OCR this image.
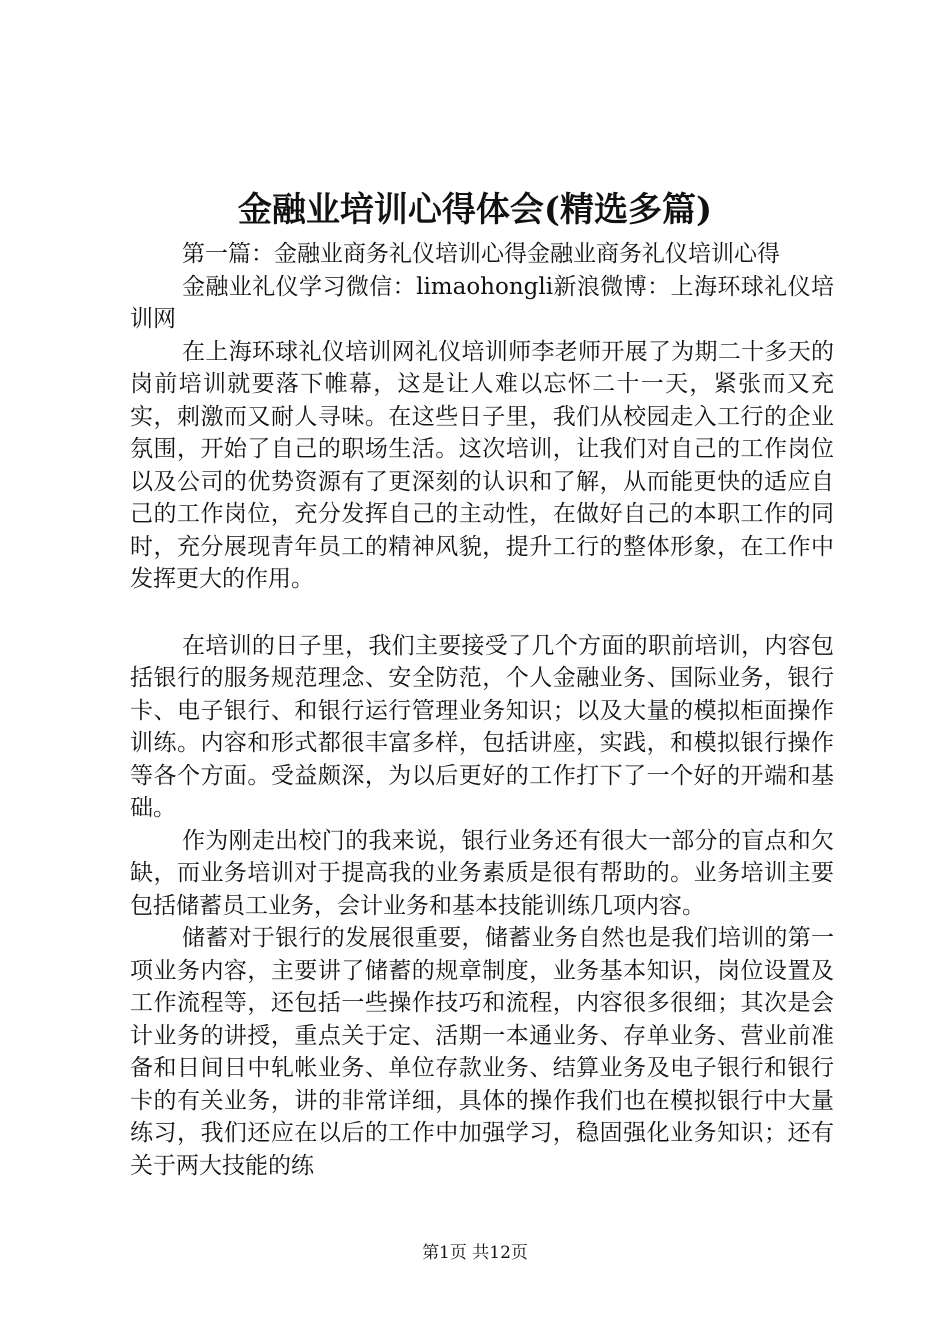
金融业培训心得体会(精选多篇)

第一篇：金融业商务礼仪培训心得金融业商务礼仪培训心得

金融业礼仪学习微信：limaohongli新浪微博：上海环球礼仪培训网

在上海环球礼仪培训网礼仪培训师李老师开展了为期二十多天的岗前培训就要落下帷幕，这是让人难以忘怀二十一天，紧张而又充实，刺激而又耐人寻味。在这些日子里，我们从校园走入工行的企业氛围，开始了自己的职场生活。这次培训，让我们对自己的工作岗位以及公司的优势资源有了更深刻的认识和了解，从而能更快的适应自己的工作岗位，充分发挥自己的主动性，在做好自己的本职工作的同时，充分展现青年员工的精神风貌，提升工行的整体形象，在工作中发挥更大的作用。

在培训的日子里，我们主要接受了几个方面的职前培训，内容包括银行的服务规范理念、安全防范，个人金融业务、国际业务，银行卡、电子银行、和银行运行管理业务知识；以及大量的模拟柜面操作训练。内容和形式都很丰富多样，包括讲座，实践，和模拟银行操作等各个方面。受益颇深，为以后更好的工作打下了一个好的开端和基础。

作为刚走出校门的我来说，银行业务还有很大一部分的盲点和欠缺，而业务培训对于提高我的业务素质是很有帮助的。业务培训主要包括储蓄员工业务，会计业务和基本技能训练几项内容。

储蓄对于银行的发展很重要，储蓄业务自然也是我们培训的第一项业务内容，主要讲了储蓄的规章制度，业务基本知识，岗位设置及工作流程等，还包括一些操作技巧和流程，内容很多很细；其次是会计业务的讲授，重点关于定、活期一本通业务、存单业务、营业前准备和日间日中轧帐业务、单位存款业务、结算业务及电子银行和银行卡的有关业务，讲的非常详细，具体的操作我们也在模拟银行中大量练习，我们还应在以后的工作中加强学习，稳固强化业务知识；还有关于两大技能的练

第1页 共12页
